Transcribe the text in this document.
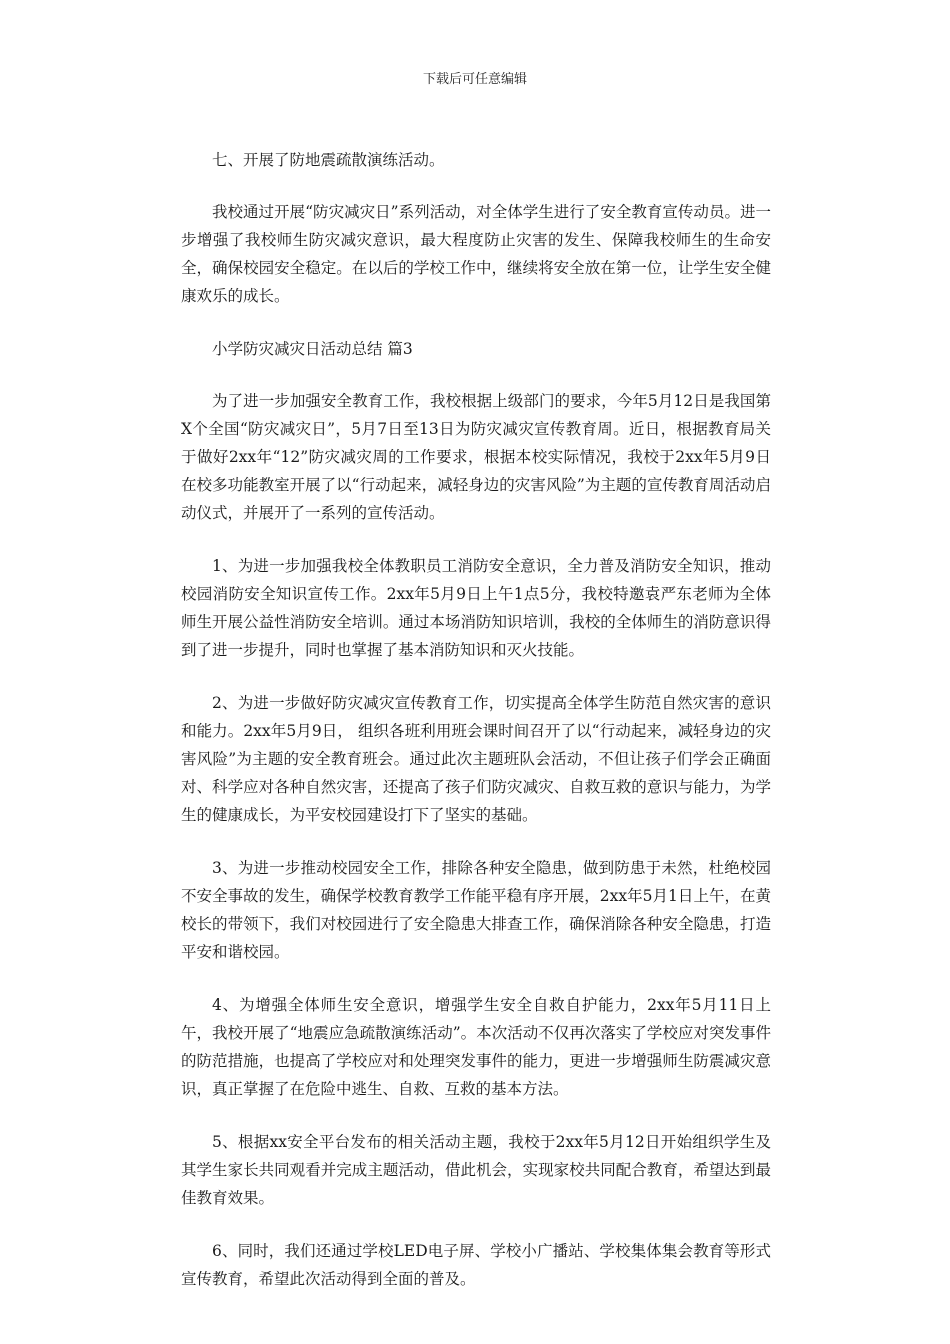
下载后可任意编辑

七、开展了防地震疏散演练活动。

我校通过开展“防灾减灾日”系列活动，对全体学生进行了安全教育宣传动员。进一步增强了我校师生防灾减灾意识，最大程度防止灾害的发生、保障我校师生的生命安全，确保校园安全稳定。在以后的学校工作中，继续将安全放在第一位，让学生安全健康欢乐的成长。

小学防灾减灾日活动总结 篇3

为了进一步加强安全教育工作，我校根据上级部门的要求，今年5月12日是我国第X个全国“防灾减灾日”，5月7日至13日为防灾减灾宣传教育周。近日，根据教育局关于做好2xx年“12”防灾减灾周的工作要求，根据本校实际情况，我校于2xx年5月9日在校多功能教室开展了以“行动起来，减轻身边的灾害风险”为主题的宣传教育周活动启动仪式，并展开了一系列的宣传活动。

1、为进一步加强我校全体教职员工消防安全意识，全力普及消防安全知识，推动校园消防安全知识宣传工作。2xx年5月9日上午1点5分，我校特邀袁严东老师为全体师生开展公益性消防安全培训。通过本场消防知识培训，我校的全体师生的消防意识得到了进一步提升，同时也掌握了基本消防知识和灭火技能。

2、为进一步做好防灾减灾宣传教育工作，切实提高全体学生防范自然灾害的意识和能力。2xx年5月9日， 组织各班利用班会课时间召开了以“行动起来，减轻身边的灾害风险”为主题的安全教育班会。通过此次主题班队会活动，不但让孩子们学会正确面对、科学应对各种自然灾害，还提高了孩子们防灾减灾、自救互救的意识与能力，为学生的健康成长，为平安校园建设打下了坚实的基础。

3、为进一步推动校园安全工作，排除各种安全隐患，做到防患于未然，杜绝校园不安全事故的发生，确保学校教育教学工作能平稳有序开展，2xx年5月1日上午，在黄校长的带领下，我们对校园进行了安全隐患大排查工作，确保消除各种安全隐患，打造平安和谐校园。

4、为增强全体师生安全意识，增强学生安全自救自护能力，2xx年5月11日上午，我校开展了“地震应急疏散演练活动”。本次活动不仅再次落实了学校应对突发事件的防范措施，也提高了学校应对和处理突发事件的能力，更进一步增强师生防震减灾意识，真正掌握了在危险中逃生、自救、互救的基本方法。

5、根据xx安全平台发布的相关活动主题，我校于2xx年5月12日开始组织学生及其学生家长共同观看并完成主题活动，借此机会，实现家校共同配合教育，希望达到最佳教育效果。

6、同时，我们还通过学校LED电子屏、学校小广播站、学校集体集会教育等形式宣传教育，希望此次活动得到全面的普及。
